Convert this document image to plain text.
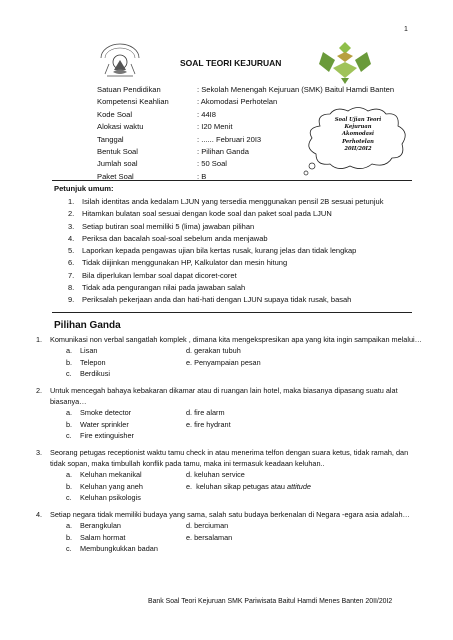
1
SOAL TEORI KEJURUAN
Satuan Pendidikan	: Sekolah Menengah Kejuruan (SMK) Baitul Hamdi Banten
Kompetensi Keahlian	: Akomodasi Perhotelan
Kode Soal	: 44I8
Alokasi waktu	: I20 Menit
Tanggal	: ...... Februari 20I3
Bentuk Soal	: Pilihan Ganda
Jumlah soal	: 50 Soal
Paket Soal	: B
Soal Ujian Teori
Kejuruan
Akomodasi
Perhotelan
20II/20I2
Petunjuk umum:
1.	Isilah identitas anda kedalam LJUN yang tersedia menggunakan pensil 2B sesuai petunjuk
2.	Hitamkan bulatan soal sesuai dengan kode soal dan paket soal pada LJUN
3.	Setiap butiran soal memiliki 5 (lima) jawaban pilihan
4.	Periksa dan bacalah soal-soal sebelum anda menjawab
5.	Laporkan kepada pengawas ujian bila kertas rusak, kurang jelas dan tidak lengkap
6.	Tidak diijinkan menggunakan HP, Kalkulator dan mesin hitung
7.	Bila diperlukan lembar soal dapat dicoret-coret
8.	Tidak ada pengurangan nilai pada jawaban salah
9.	Periksalah pekerjaan anda dan hati-hati dengan LJUN supaya tidak rusak, basah
Pilihan Ganda
1.	Komunikasi non verbal sangatlah komplek , dimana kita mengekspresikan apa yang kita ingin sampaikan melalui…
a.	Lisan	d. gerakan tubuh
b.	Telepon	e. Penyampaian pesan
c.	Berdikusi
2.	Untuk mencegah bahaya kebakaran dikamar atau di ruangan lain hotel, maka biasanya dipasang suatu alat biasanya…
a.	Smoke detector	d. fire alarm
b.	Water sprinkler	e. fire hydrant
c.	Fire extinguisher
3.	Seorang petugas receptionist waktu tamu check in atau menerima telfon dengan suara ketus, tidak ramah, dan tidak sopan, maka timbullah konflik pada tamu, maka ini termasuk keadaan keluhan..
a.	Keluhan mekanikal	d. keluhan service
b.	Keluhan yang aneh	e.  keluhan sikap petugas atau attitude
c.	Keluhan psikologis
4.	Setiap negara tidak memiliki budaya yang sama, salah satu budaya berkenalan di Negara -egara asia adalah…
a.	Berangkulan	d. berciuman
b.	Salam hormat	e. bersalaman
c.	Membungkukkan badan
Bank Soal Teori Kejuruan SMK Pariwisata Baitul Hamdi Menes Banten 20II/20I2
